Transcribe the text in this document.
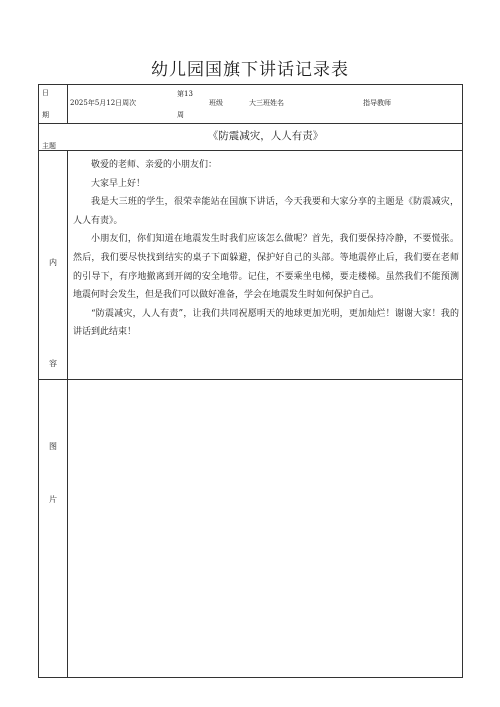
幼儿园国旗下讲话记录表
日
期
2025年5月12日周次
第13
周
班级	大三班姓名	指导教师
主题
《防震减灾，人人有责》
内
容

敬爱的老师、亲爱的小朋友们：

大家早上好！

我是大三班的学生，很荣幸能站在国旗下讲话，今天我要和大家分享的主题是《防震减灾，人人有责》。

小朋友们，你们知道在地震发生时我们应该怎么做呢？首先，我们要保持冷静，不要慌张。然后，我们要尽快找到结实的桌子下面躲避，保护好自己的头部。等地震停止后，我们要在老师的引导下，有序地撤离到开阔的安全地带。记住，不要乘坐电梯，要走楼梯。虽然我们不能预测地震何时会发生，但是我们可以做好准备，学会在地震发生时如何保护自己。

“防震减灾，人人有责”，让我们共同祝愿明天的地球更加光明，更加灿烂！谢谢大家！我的讲话到此结束！

图
片
